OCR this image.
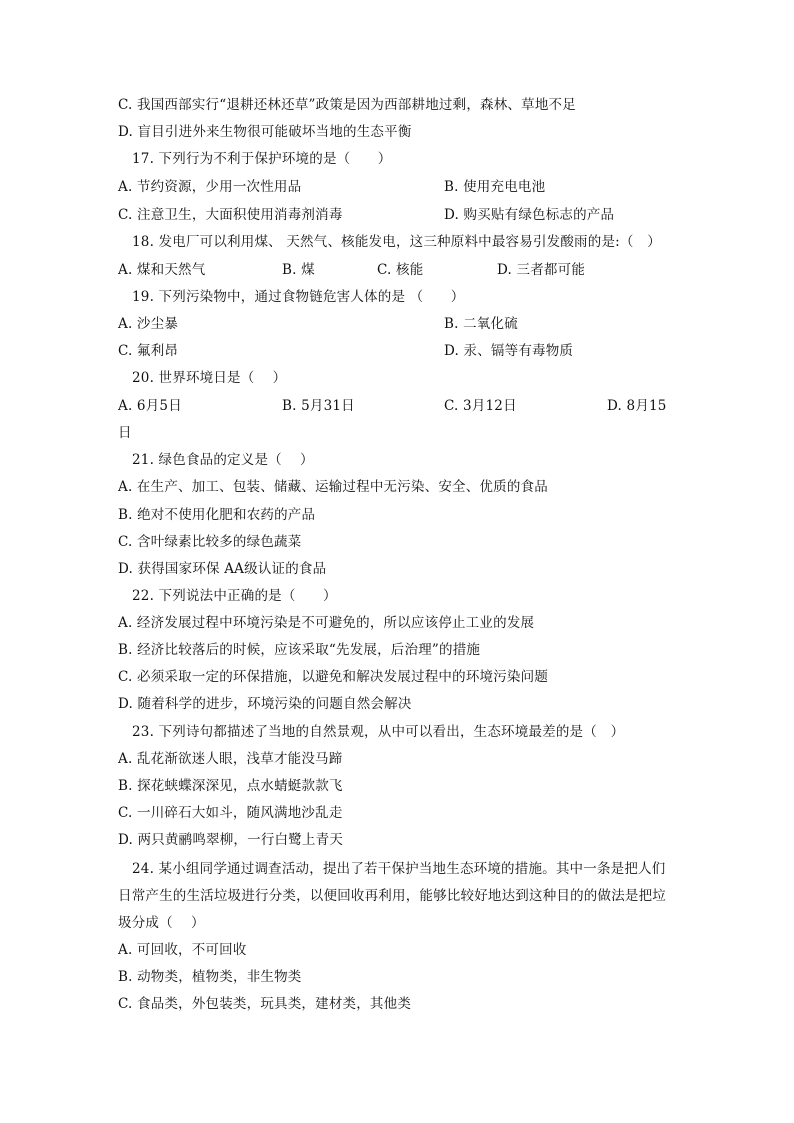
C. 我国西部实行“退耕还林还草”政策是因为西部耕地过剩，森林、草地不足
D. 盲目引进外来生物很可能破坏当地的生态平衡
17. 下列行为不利于保护环境的是（　　）
A. 节约资源，少用一次性用品	B. 使用充电电池
C. 注意卫生，大面积使用消毒剂消毒	D. 购买贴有绿色标志的产品
18. 发电厂可以利用煤、 天然气、核能发电，这三种原料中最容易引发酸雨的是:（　）
A. 煤和天然气	B. 煤	C. 核能	D. 三者都可能
19. 下列污染物中，通过食物链危害人体的是 （　　）
A. 沙尘暴	B. 二氧化硫
C. 氟利昂	D. 汞、镉等有毒物质
20. 世界环境日是（　 ）
A. 6月5日	B. 5月31日	C. 3月12日	D. 8月15
日
21. 绿色食品的定义是（　 ）
A. 在生产、加工、包装、储藏、运输过程中无污染、安全、优质的食品
B. 绝对不使用化肥和农药的产品
C. 含叶绿素比较多的绿色蔬菜
D. 获得国家环保 AA级认证的食品
22. 下列说法中正确的是（　　）
A. 经济发展过程中环境污染是不可避免的，所以应该停止工业的发展
B. 经济比较落后的时候，应该采取“先发展，后治理”的措施
C. 必须采取一定的环保措施，以避免和解决发展过程中的环境污染问题
D. 随着科学的进步，环境污染的问题自然会解决
23. 下列诗句都描述了当地的自然景观，从中可以看出，生态环境最差的是（　）
A. 乱花渐欲迷人眼，浅草才能没马蹄
B. 探花蛱蝶深深见，点水蜻蜓款款飞
C. 一川碎石大如斗，随风满地沙乱走
D. 两只黄鹂鸣翠柳，一行白鹭上青天
24. 某小组同学通过调查活动，提出了若干保护当地生态环境的措施。其中一条是把人们日常产生的生活垃圾进行分类，以便回收再利用，能够比较好地达到这种目的的做法是把垃圾分成（　 ）
A. 可回收，不可回收
B. 动物类，植物类，非生物类
C. 食品类，外包装类，玩具类，建材类，其他类
